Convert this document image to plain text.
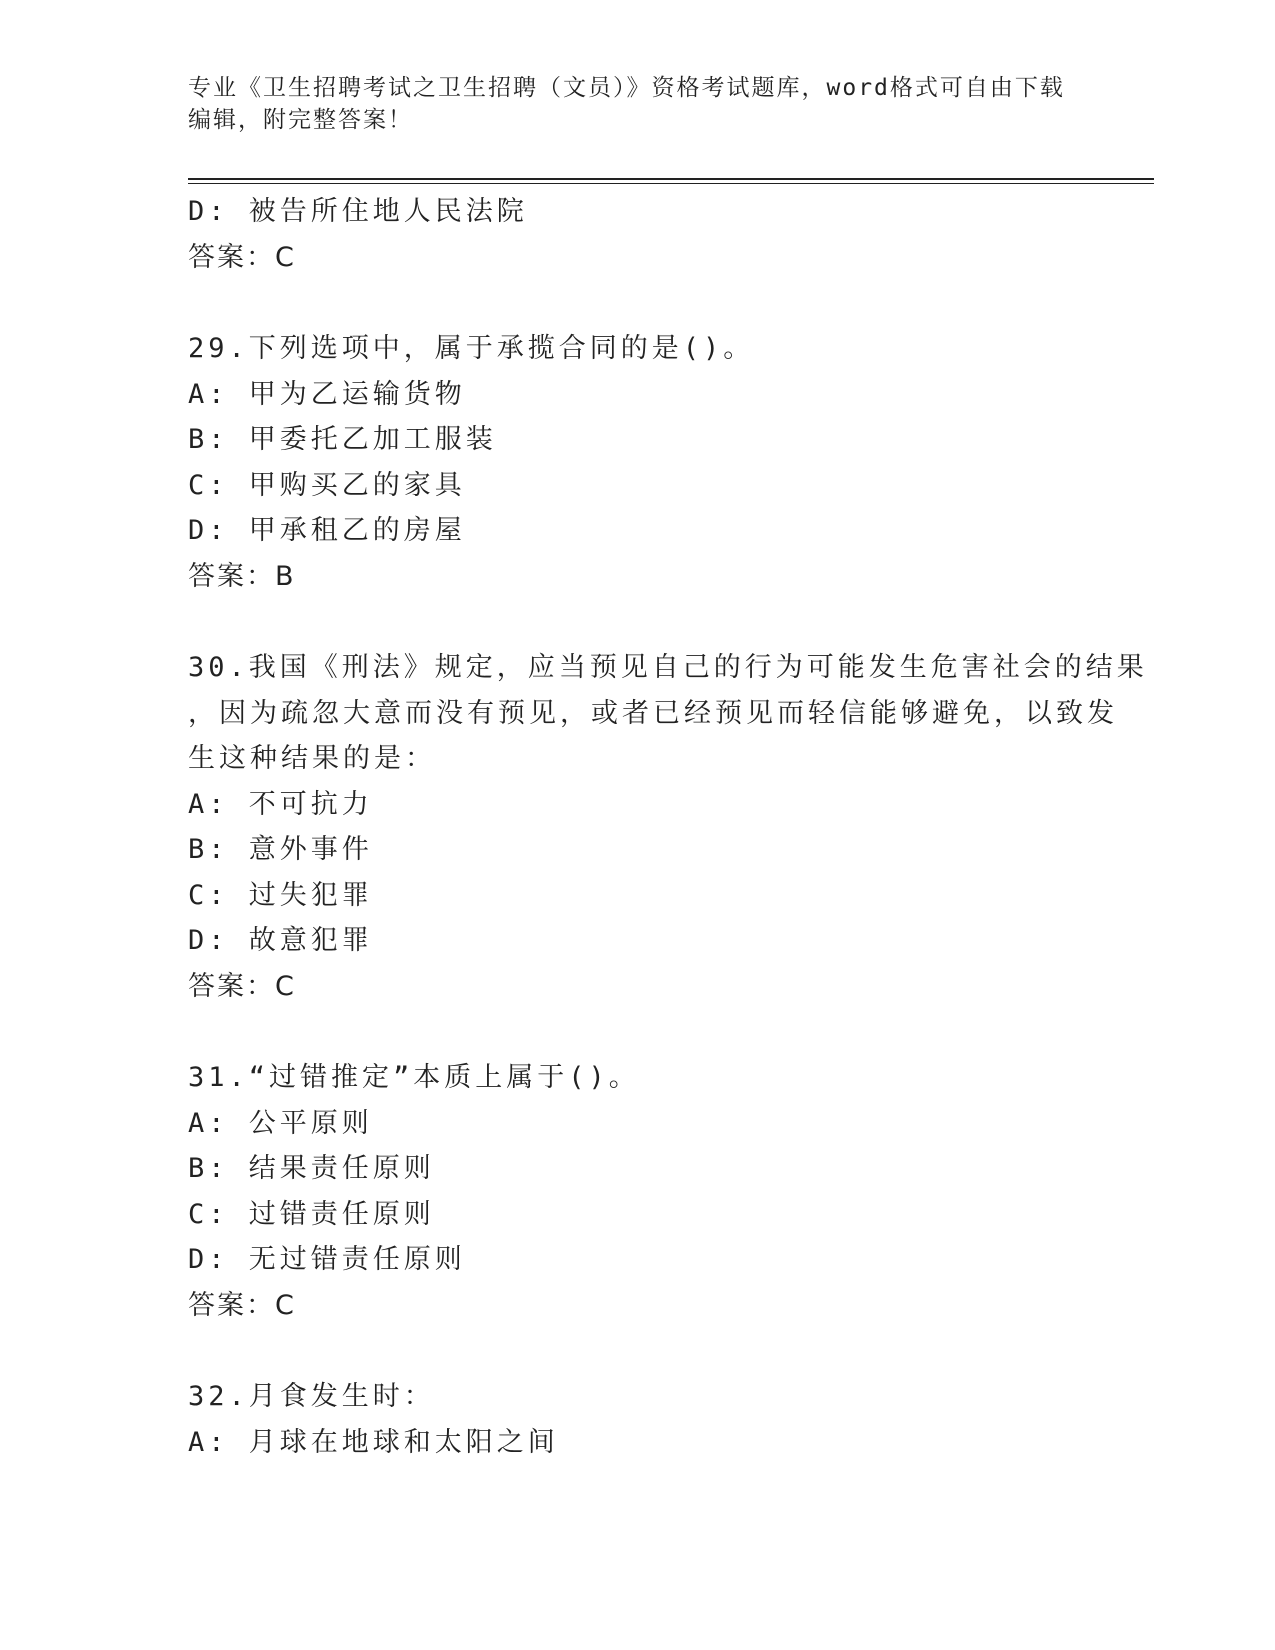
专业《卫生招聘考试之卫生招聘（文员）》资格考试题库，word格式可自由下载
编辑，附完整答案！
D: 被告所住地人民法院
答案：C
29.下列选项中，属于承揽合同的是()。
A: 甲为乙运输货物
B: 甲委托乙加工服装
C: 甲购买乙的家具
D: 甲承租乙的房屋
答案：B
30.我国《刑法》规定，应当预见自己的行为可能发生危害社会的结果
，因为疏忽大意而没有预见，或者已经预见而轻信能够避免，以致发
生这种结果的是：
A: 不可抗力
B: 意外事件
C: 过失犯罪
D: 故意犯罪
答案：C
31.“过错推定”本质上属于()。
A: 公平原则
B: 结果责任原则
C: 过错责任原则
D: 无过错责任原则
答案：C
32.月食发生时：
A: 月球在地球和太阳之间
